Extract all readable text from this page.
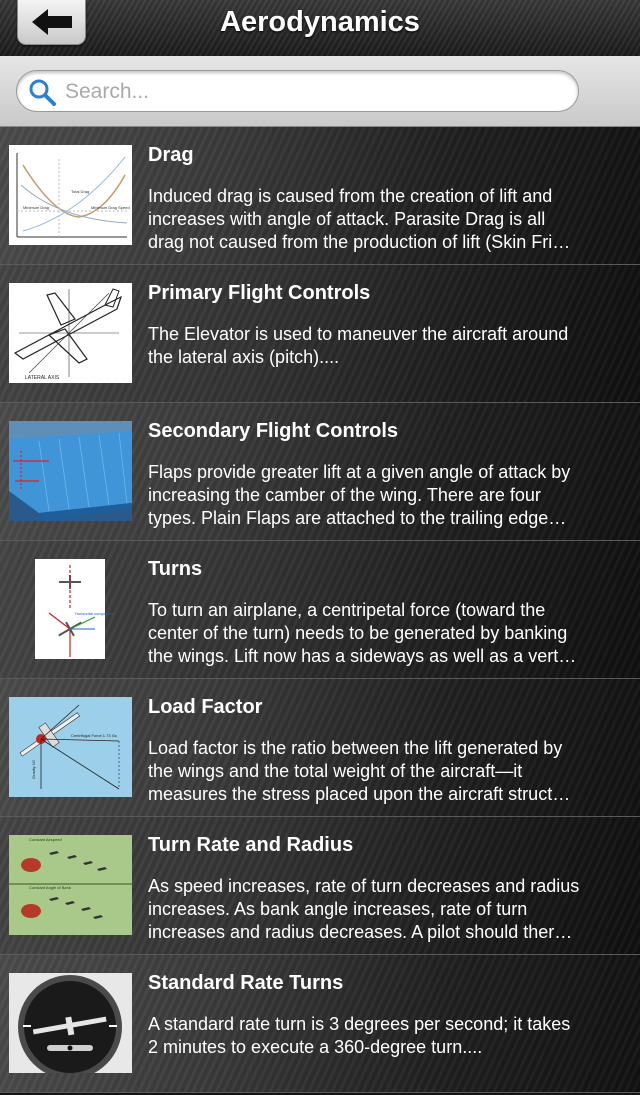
Aerodynamics
Search...
Total Drag
Minimum Drag	Minimum Drag Speed
Drag
Induced drag is caused from the creation of lift and
increases with angle of attack. Parasite Drag is all
drag not caused from the production of lift (Skin Fri…
LATERAL AXIS
Primary Flight Controls
The Elevator is used to maneuver the aircraft around
the lateral axis (pitch)....
Secondary Flight Controls
Flaps provide greater lift at a given angle of attack by
increasing the camber of the wing. There are four
types. Plain Flaps are attached to the trailing edge…
Horizontal component
Turns
To turn an airplane, a centripetal force (toward the
center of the turn) needs to be generated by banking
the wings. Lift now has a sideways as well as a vert…
Centrifugal Force 1.73 Gs
Gravity 1G
Load Factor
Load factor is the ratio between the lift generated by
the wings and the total weight of the aircraft—it
measures the stress placed upon the aircraft struct…
Constant Airspeed
Constant Angle of Bank
Turn Rate and Radius
As speed increases, rate of turn decreases and radius
increases. As bank angle increases, rate of turn
increases and radius decreases. A pilot should ther…
Standard Rate Turns
A standard rate turn is 3 degrees per second; it takes
2 minutes to execute a 360-degree turn....
